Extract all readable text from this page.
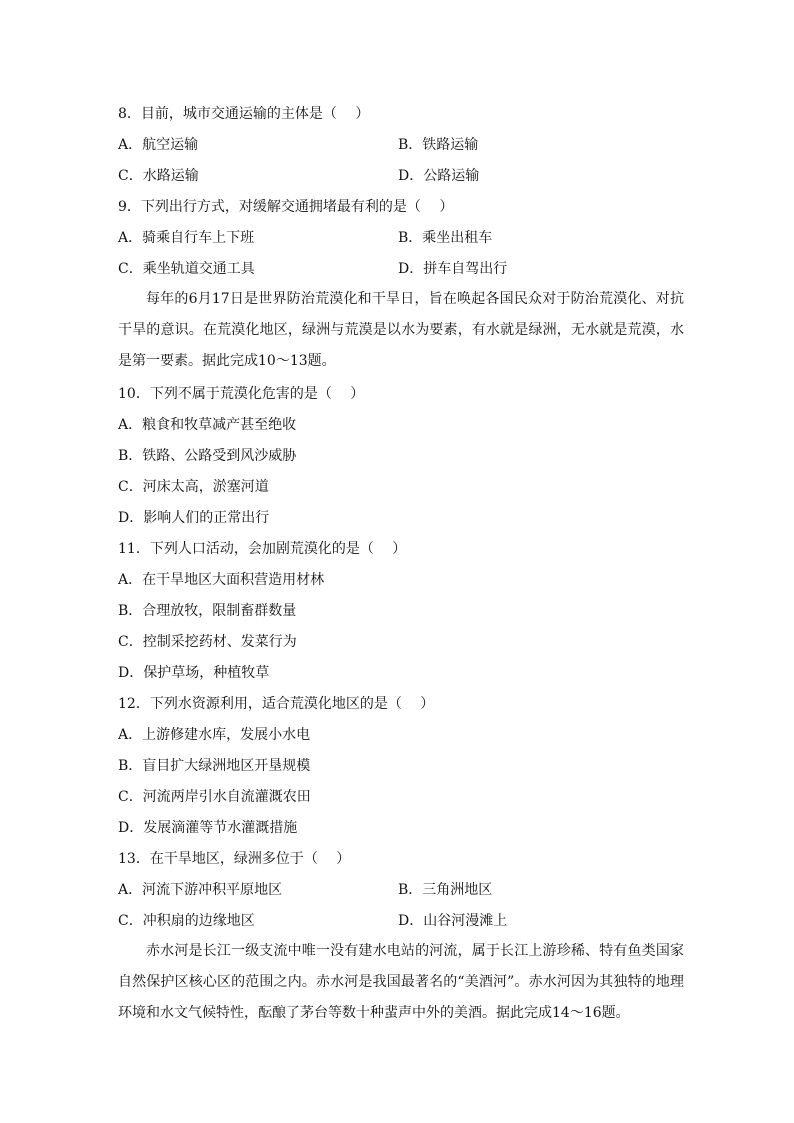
8．目前，城市交通运输的主体是（　 ）
A．航空运输	B．铁路运输
C．水路运输	D．公路运输
9．下列出行方式，对缓解交通拥堵最有利的是（　 ）
A．骑乘自行车上下班	B．乘坐出租车
C．乘坐轨道交通工具	D．拼车自驾出行

每年的6月17日是世界防治荒漠化和干旱日，旨在唤起各国民众对于防治荒漠化、对抗干旱的意识。在荒漠化地区，绿洲与荒漠是以水为要素，有水就是绿洲，无水就是荒漠，水是第一要素。据此完成10～13题。

10．下列不属于荒漠化危害的是（　 ）
A．粮食和牧草减产甚至绝收
B．铁路、公路受到风沙威胁
C．河床太高，淤塞河道
D．影响人们的正常出行
11．下列人口活动，会加剧荒漠化的是（　 ）
A．在干旱地区大面积营造用材林
B．合理放牧，限制畜群数量
C．控制采挖药材、发菜行为
D．保护草场，种植牧草
12．下列水资源利用，适合荒漠化地区的是（　 ）
A．上游修建水库，发展小水电
B．盲目扩大绿洲地区开垦规模
C．河流两岸引水自流灌溉农田
D．发展滴灌等节水灌溉措施
13．在干旱地区，绿洲多位于（　 ）
A．河流下游冲积平原地区	B．三角洲地区
C．冲积扇的边缘地区	D．山谷河漫滩上

赤水河是长江一级支流中唯一没有建水电站的河流，属于长江上游珍稀、特有鱼类国家自然保护区核心区的范围之内。赤水河是我国最著名的“美酒河”。赤水河因为其独特的地理环境和水文气候特性，酝酿了茅台等数十种蜚声中外的美酒。据此完成14～16题。
